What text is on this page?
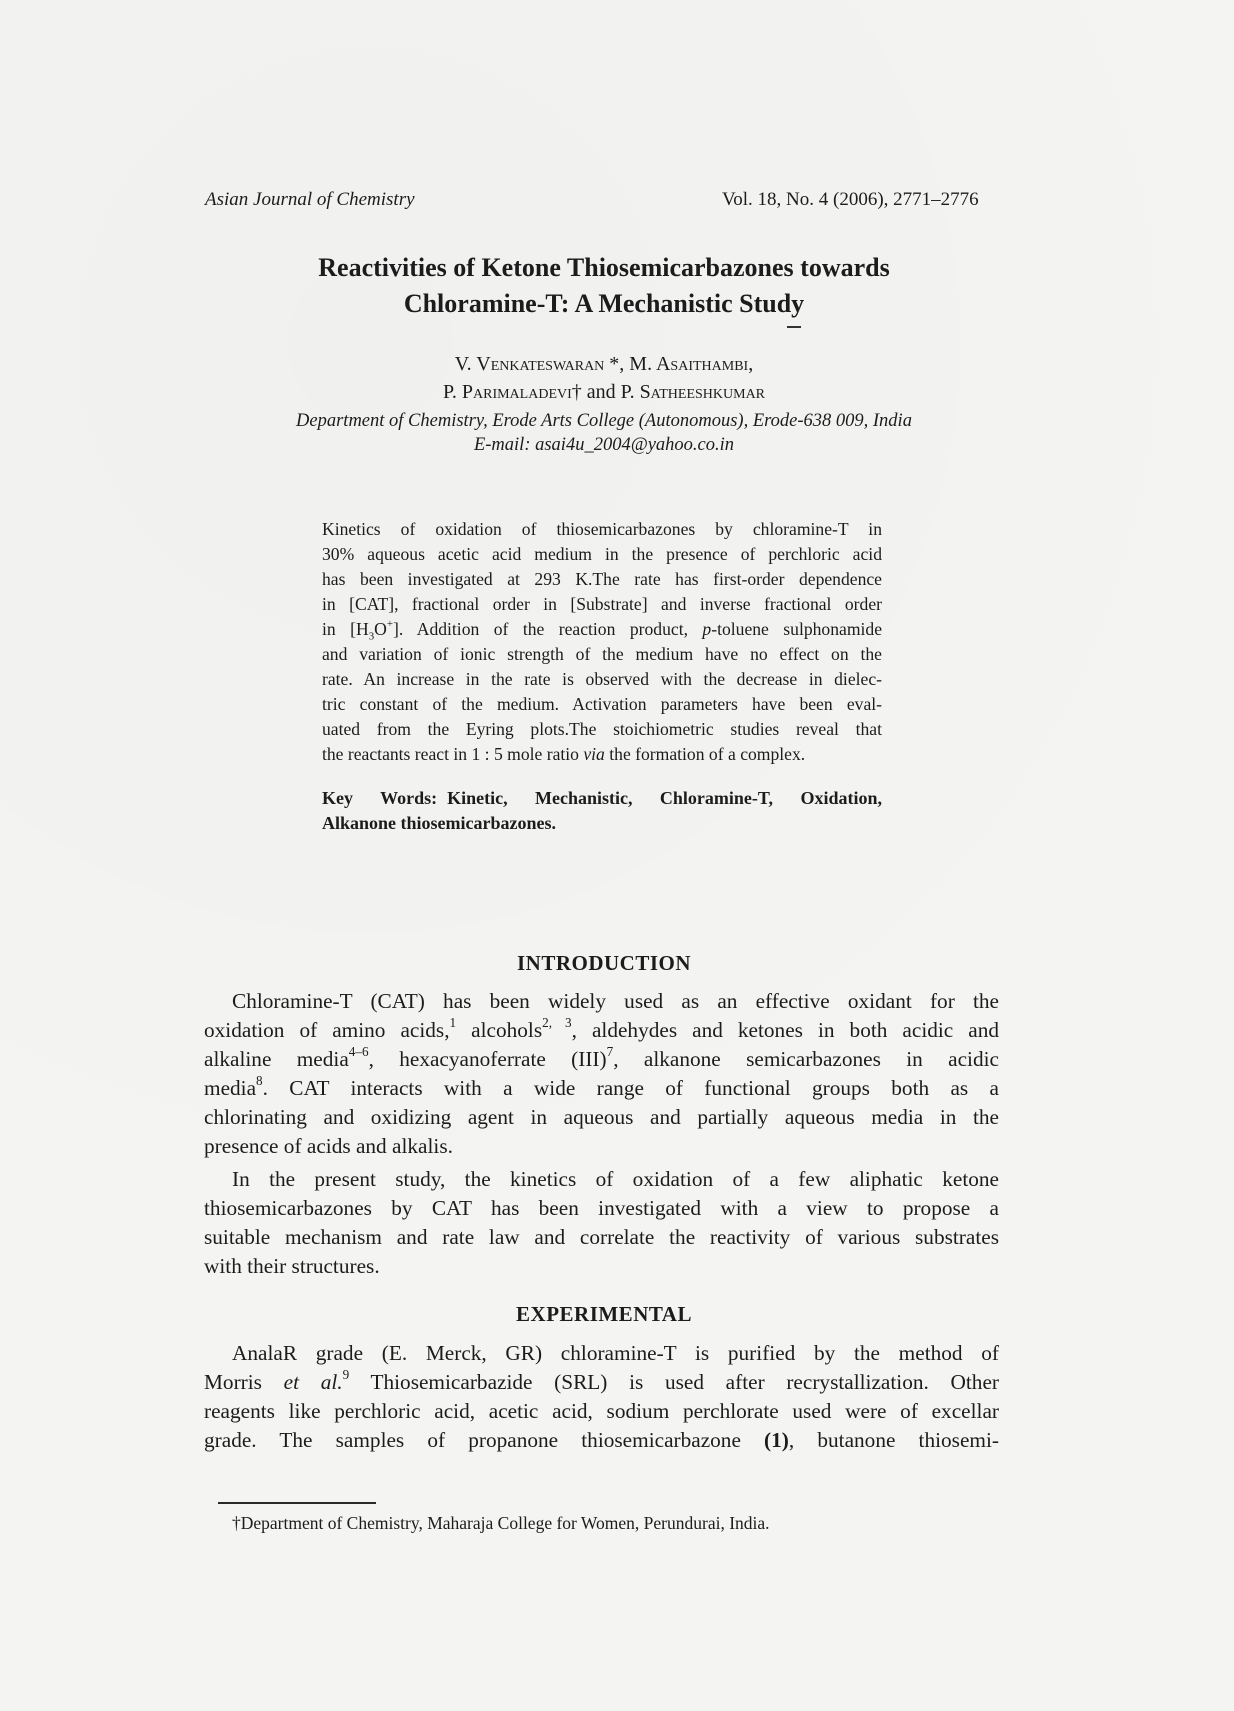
Asian Journal of Chemistry	Vol. 18, No. 4 (2006), 2771–2776
Reactivities of Ketone Thiosemicarbazones towards
Chloramine-T: A Mechanistic Study
V. Venkateswaran *, M. Asaithambi,
P. Parimaladevi† and P. Satheeshkumar
Department of Chemistry, Erode Arts College (Autonomous), Erode-638 009, India
E-mail: asai4u_2004@yahoo.co.in
Kinetics of oxidation of thiosemicarbazones by chloramine-T in
30% aqueous acetic acid medium in the presence of perchloric acid
has been investigated at 293 K.The rate has first-order dependence
in [CAT], fractional order in [Substrate] and inverse fractional order
in $[H_3O^+]$. Addition of the reaction product, p-toluene sulphonamide
and variation of ionic strength of the medium have no effect on the
rate. An increase in the rate is observed with the decrease in dielec-
tric constant of the medium. Activation parameters have been eval-
uated from the Eyring plots.The stoichiometric studies reveal that
the reactants react in 1 : 5 mole ratio via the formation of a complex.
Key Words: Kinetic, Mechanistic, Chloramine-T, Oxidation,
Alkanone thiosemicarbazones.
INTRODUCTION
Chloramine-T (CAT) has been widely used as an effective oxidant for the
oxidation of amino acids,$^1$ alcohols$^{2, 3}$, aldehydes and ketones in both acidic and
alkaline media$^{4-6}$, hexacyanoferrate (III)$^7$, alkanone semicarbazones in acidic
media$^8$. CAT interacts with a wide range of functional groups both as a
chlorinating and oxidizing agent in aqueous and partially aqueous media in the
presence of acids and alkalis.
In the present study, the kinetics of oxidation of a few aliphatic ketone
thiosemicarbazones by CAT has been investigated with a view to propose a
suitable mechanism and rate law and correlate the reactivity of various substrates
with their structures.
EXPERIMENTAL
AnalaR grade (E. Merck, GR) chloramine-T is purified by the method of
Morris et al.$^9$ Thiosemicarbazide (SRL) is used after recrystallization. Other
reagents like perchloric acid, acetic acid, sodium perchlorate used were of excellar
grade. The samples of propanone thiosemicarbazone (1), butanone thiosemi-
†Department of Chemistry, Maharaja College for Women, Perundurai, India.
